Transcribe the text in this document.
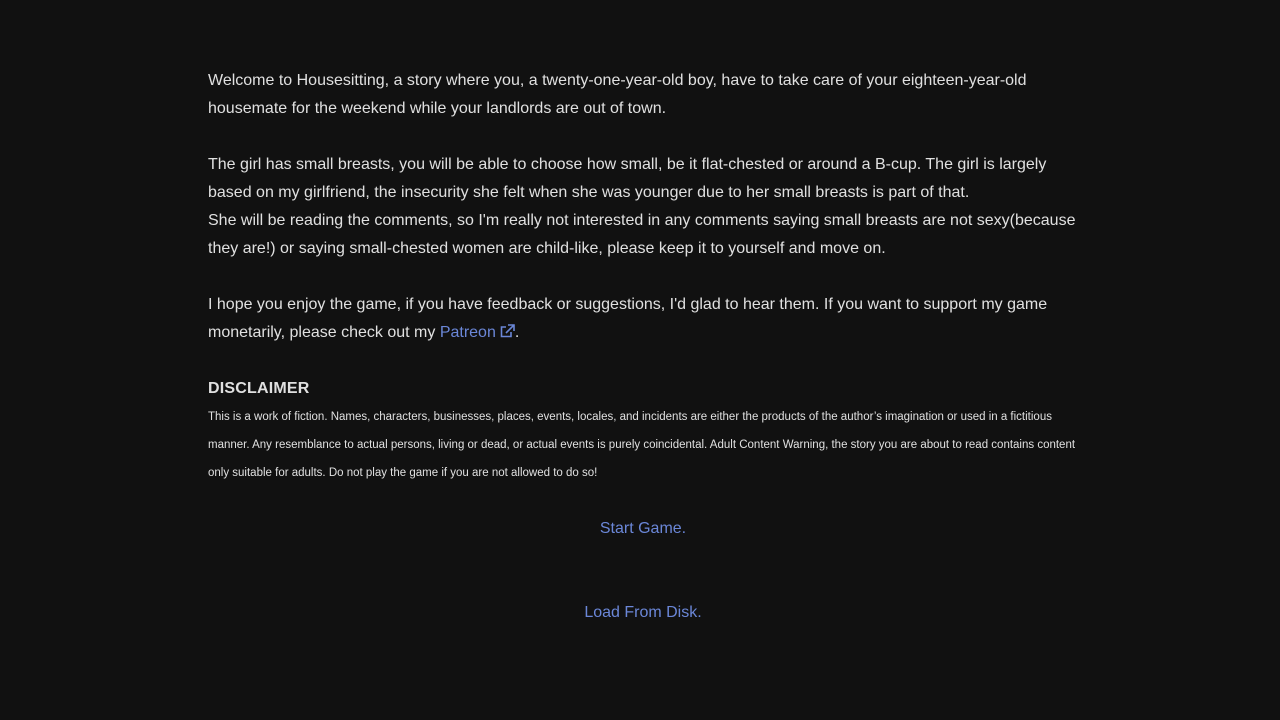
Welcome to Housesitting, a story where you, a twenty-one-year-old boy, have to take care of your eighteen-year-old housemate for the weekend while your landlords are out of town.

The girl has small breasts, you will be able to choose how small, be it flat-chested or around a B-cup. The girl is largely based on my girlfriend, the insecurity she felt when she was younger due to her small breasts is part of that.

She will be reading the comments, so I'm really not interested in any comments saying small breasts are not sexy(because they are!) or saying small-chested women are child-like, please keep it to yourself and move on.

I hope you enjoy the game, if you have feedback or suggestions, I'd glad to hear them. If you want to support my game monetarily, please check out my Patreon .

DISCLAIMER

This is a work of fiction. Names, characters, businesses, places, events, locales, and incidents are either the products of the author’s imagination or used in a fictitious manner. Any resemblance to actual persons, living or dead, or actual events is purely coincidental. Adult Content Warning, the story you are about to read contains content only suitable for adults. Do not play the game if you are not allowed to do so!

Start Game.

Load From Disk.
